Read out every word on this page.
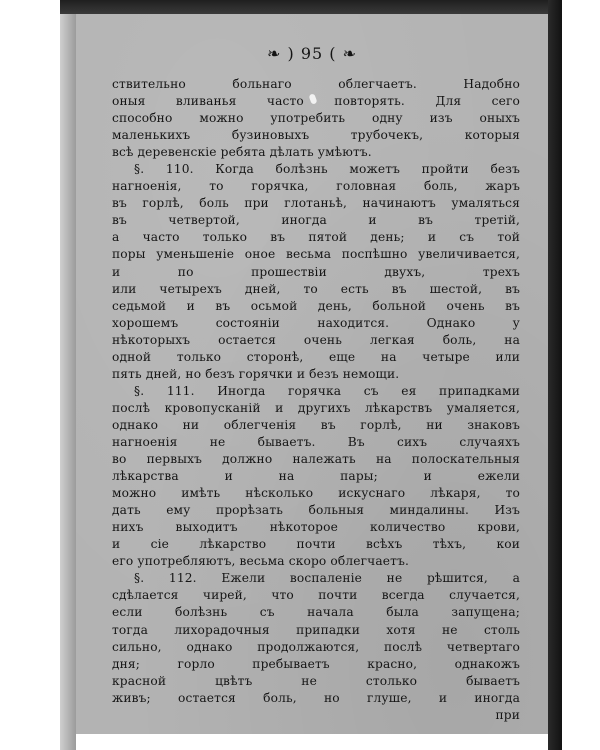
❧ ) 95 ( ❧
ствительно больнаго облегчаетъ. Надобно
оныя вливанья часто повторять. Для сего
способно можно употребить одну изъ оныхъ
маленькихъ бузиновыхъ трубочекъ, которыя
всѣ деревенскіе ребята дѣлать умѣютъ.
§. 110. Когда болѣзнь можетъ пройти безъ
нагноенія, то горячка, головная боль, жаръ
въ горлѣ, боль при глотаньѣ, начинаютъ умаляться
въ четвертой, иногда и въ третій,
а часто только въ пятой день; и съ той
поры уменьшеніе оное весьма поспѣшно увеличивается,
и по прошествіи двухъ, трехъ
или четырехъ дней, то есть въ шестой, въ
седьмой и въ осьмой день, больной очень въ
хорошемъ состояніи находится. Однако у
нѣкоторыхъ остается очень легкая боль, на
одной только сторонѣ, еще на четыре или
пять дней, но безъ горячки и безъ немощи.
§. 111. Иногда горячка съ ея припадками
послѣ кровопусканій и другихъ лѣкарствъ умаляется,
однако ни облегченія въ горлѣ, ни знаковъ
нагноенія не бываетъ. Въ сихъ случаяхъ
во первыхъ должно належать на полоскательныя
лѣкарства и на пары; и ежели
можно имѣть нѣсколько искуснаго лѣкаря, то
дать ему прорѣзать больныя миндалины. Изъ
нихъ выходитъ нѣкоторое количество крови,
и сіе лѣкарство почти всѣхъ тѣхъ, кои
его употребляютъ, весьма скоро облегчаетъ.
§. 112. Ежели воспаленіе не рѣшится, а
сдѣлается чирей, что почти всегда случается,
если болѣзнь съ начала была запущена;
тогда лихорадочныя припадки хотя не столь
сильно, однако продолжаются, послѣ четвертаго
дня; горло пребываетъ красно, однакожъ
красной цвѣтъ не столько бываетъ
живъ; остается боль, но глуше, и иногда
при
